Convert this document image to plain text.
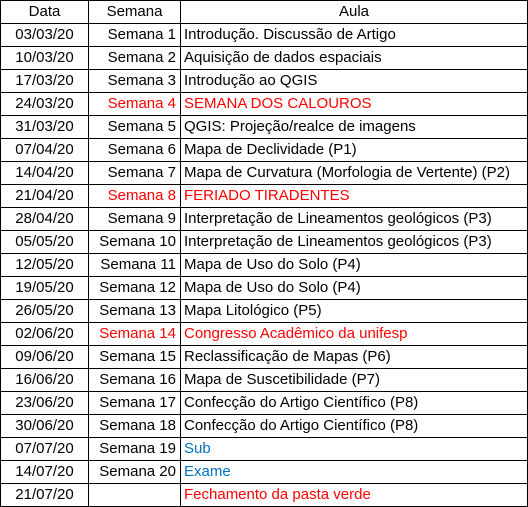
Data	Semana	Aula
03/03/20	Semana 1	Introdução. Discussão de Artigo
10/03/20	Semana 2	Aquisição de dados espaciais
17/03/20	Semana 3	Introdução ao QGIS
24/03/20	Semana 4	SEMANA DOS CALOUROS
31/03/20	Semana 5	QGIS: Projeção/realce de imagens
07/04/20	Semana 6	Mapa de Declividade (P1)
14/04/20	Semana 7	Mapa de Curvatura (Morfologia de Vertente) (P2)
21/04/20	Semana 8	FERIADO TIRADENTES
28/04/20	Semana 9	Interpretação de Lineamentos geológicos (P3)
05/05/20	Semana 10	Interpretação de Lineamentos geológicos (P3)
12/05/20	Semana 11	Mapa de Uso do Solo (P4)
19/05/20	Semana 12	Mapa de Uso do Solo (P4)
26/05/20	Semana 13	Mapa Litológico (P5)
02/06/20	Semana 14	Congresso Acadêmico da unifesp
09/06/20	Semana 15	Reclassificação de Mapas (P6)
16/06/20	Semana 16	Mapa de Suscetibilidade (P7)
23/06/20	Semana 17	Confecção do Artigo Científico (P8)
30/06/20	Semana 18	Confecção do Artigo Científico (P8)
07/07/20	Semana 19	Sub
14/07/20	Semana 20	Exame
21/07/20		Fechamento da pasta verde
